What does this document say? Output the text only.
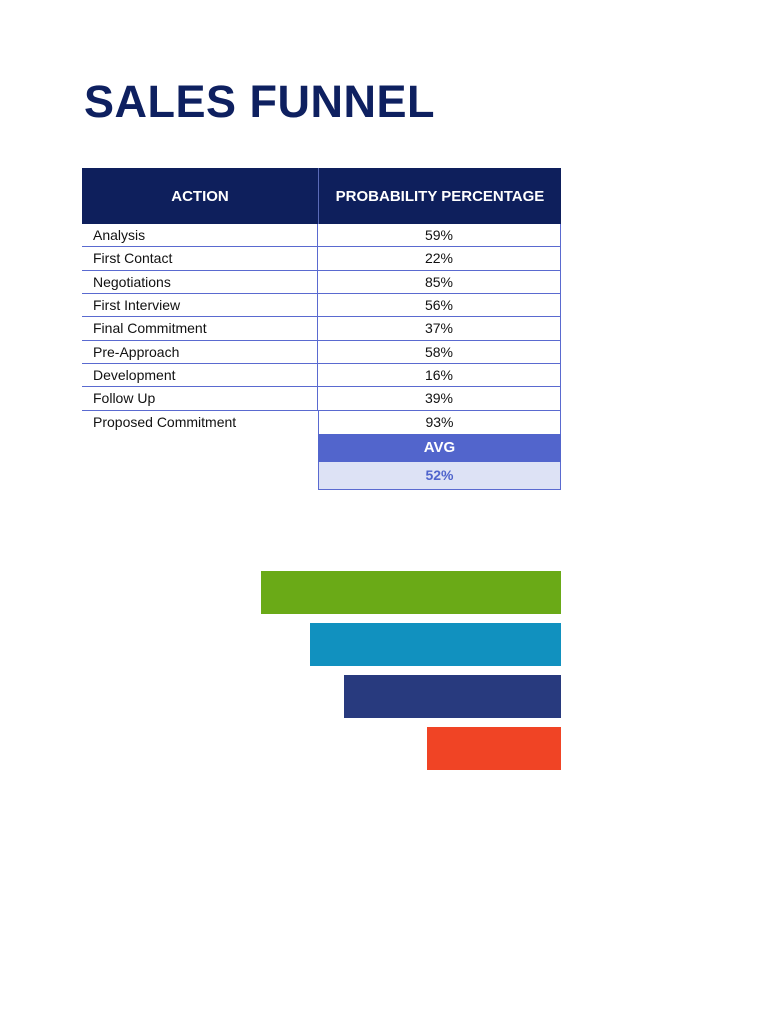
SALES FUNNEL
ACTION	PROBABILITY PERCENTAGE
Analysis	59%
First Contact	22%
Negotiations	85%
First Interview	56%
Final Commitment	37%
Pre-Approach	58%
Development	16%
Follow Up	39%
Proposed Commitment	93%
AVG
52%
